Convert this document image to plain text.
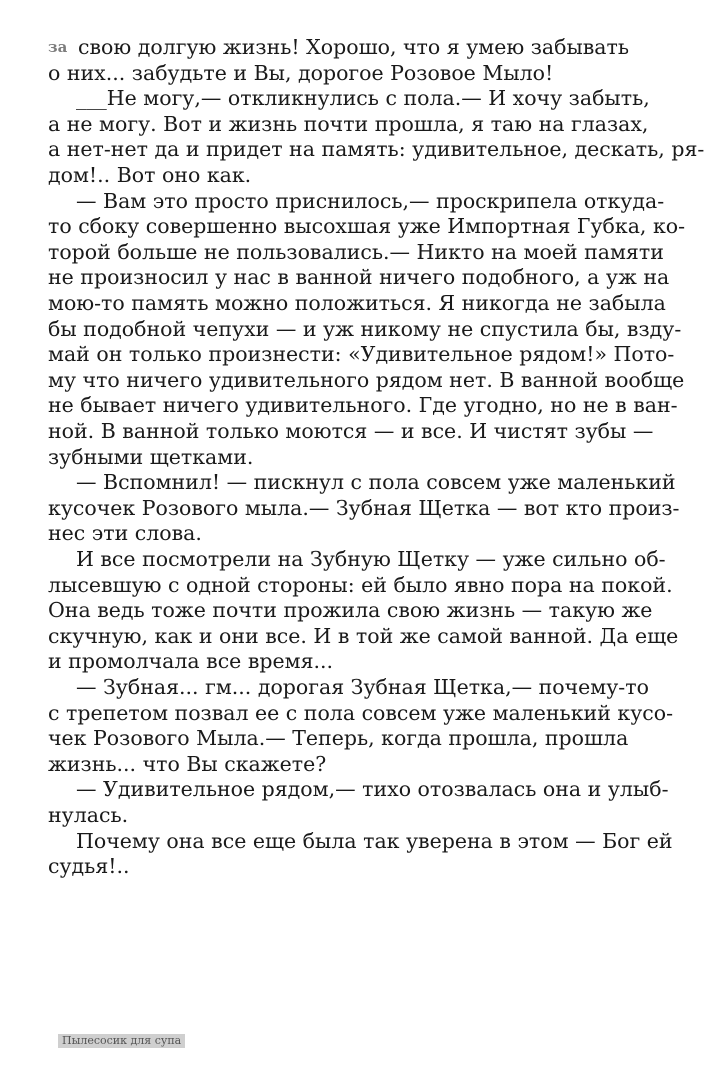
за свою долгую жизнь! Хорошо, что я умею забывать
о них... забудьте и Вы, дорогое Розовое Мыло!
___Не могу,— откликнулись с пола.— И хочу забыть,
а не могу. Вот и жизнь почти прошла, я таю на глазах,
а нет-нет да и придет на память: удивительное, дескать, ря-
дом!.. Вот оно как.
— Вам это просто приснилось,— проскрипела откуда-
то сбоку совершенно высохшая уже Импортная Губка, ко-
торой больше не пользовались.— Никто на моей памяти
не произносил у нас в ванной ничего подобного, а уж на
мою-то память можно положиться. Я никогда не забыла
бы подобной чепухи — и уж никому не спустила бы, взду-
май он только произнести: «Удивительное рядом!» Пото-
му что ничего удивительного рядом нет. В ванной вообще
не бывает ничего удивительного. Где угодно, но не в ван-
ной. В ванной только моются — и все. И чистят зубы —
зубными щетками.
— Вспомнил! — пискнул с пола совсем уже маленький
кусочек Розового мыла.— Зубная Щетка — вот кто произ-
нес эти слова.
И все посмотрели на Зубную Щетку — уже сильно об-
лысевшую с одной стороны: ей было явно пора на покой.
Она ведь тоже почти прожила свою жизнь — такую же
скучную, как и они все. И в той же самой ванной. Да еще
и промолчала все время...
— Зубная... гм... дорогая Зубная Щетка,— почему-то
с трепетом позвал ее с пола совсем уже маленький кусо-
чек Розового Мыла.— Теперь, когда прошла, прошла
жизнь... что Вы скажете?
— Удивительное рядом,— тихо отозвалась она и улыб-
нулась.
Почему она все еще была так уверена в этом — Бог ей
судья!..
Пылесосик для супа
